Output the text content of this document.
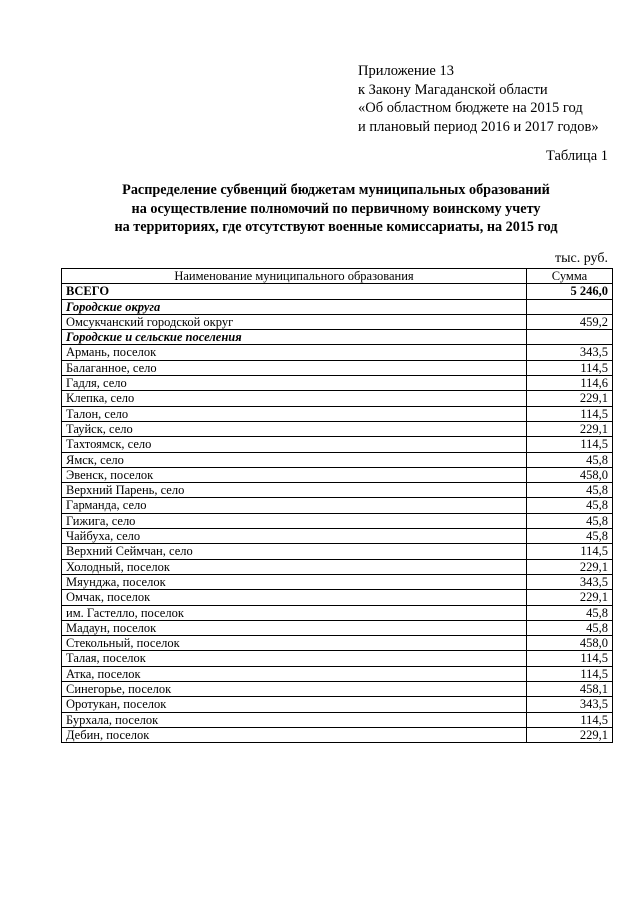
Приложение 13
к Закону Магаданской области
«Об областном бюджете на 2015 год
и плановый период 2016 и 2017 годов»
Таблица 1
Распределение субвенций бюджетам муниципальных образований
на осуществление полномочий по первичному воинскому учету
на территориях, где отсутствуют военные комиссариаты, на 2015 год
тыс. руб.
Наименование муниципального образования	Сумма
ВСЕГО	5 246,0
Городские округа	
Омсукчанский городской округ	459,2
Городские и сельские поселения	
Армань, поселок	343,5
Балаганное, село	114,5
Гадля, село	114,6
Клепка, село	229,1
Талон, село	114,5
Тауйск, село	229,1
Тахтоямск, село	114,5
Ямск, село	45,8
Эвенск, поселок	458,0
Верхний Парень, село	45,8
Гарманда, село	45,8
Гижига, село	45,8
Чайбуха, село	45,8
Верхний Сеймчан, село	114,5
Холодный, поселок	229,1
Мяунджа, поселок	343,5
Омчак, поселок	229,1
им. Гастелло, поселок	45,8
Мадаун, поселок	45,8
Стекольный, поселок	458,0
Талая, поселок	114,5
Атка, поселок	114,5
Синегорье, поселок	458,1
Оротукан, поселок	343,5
Бурхала, поселок	114,5
Дебин, поселок	229,1
